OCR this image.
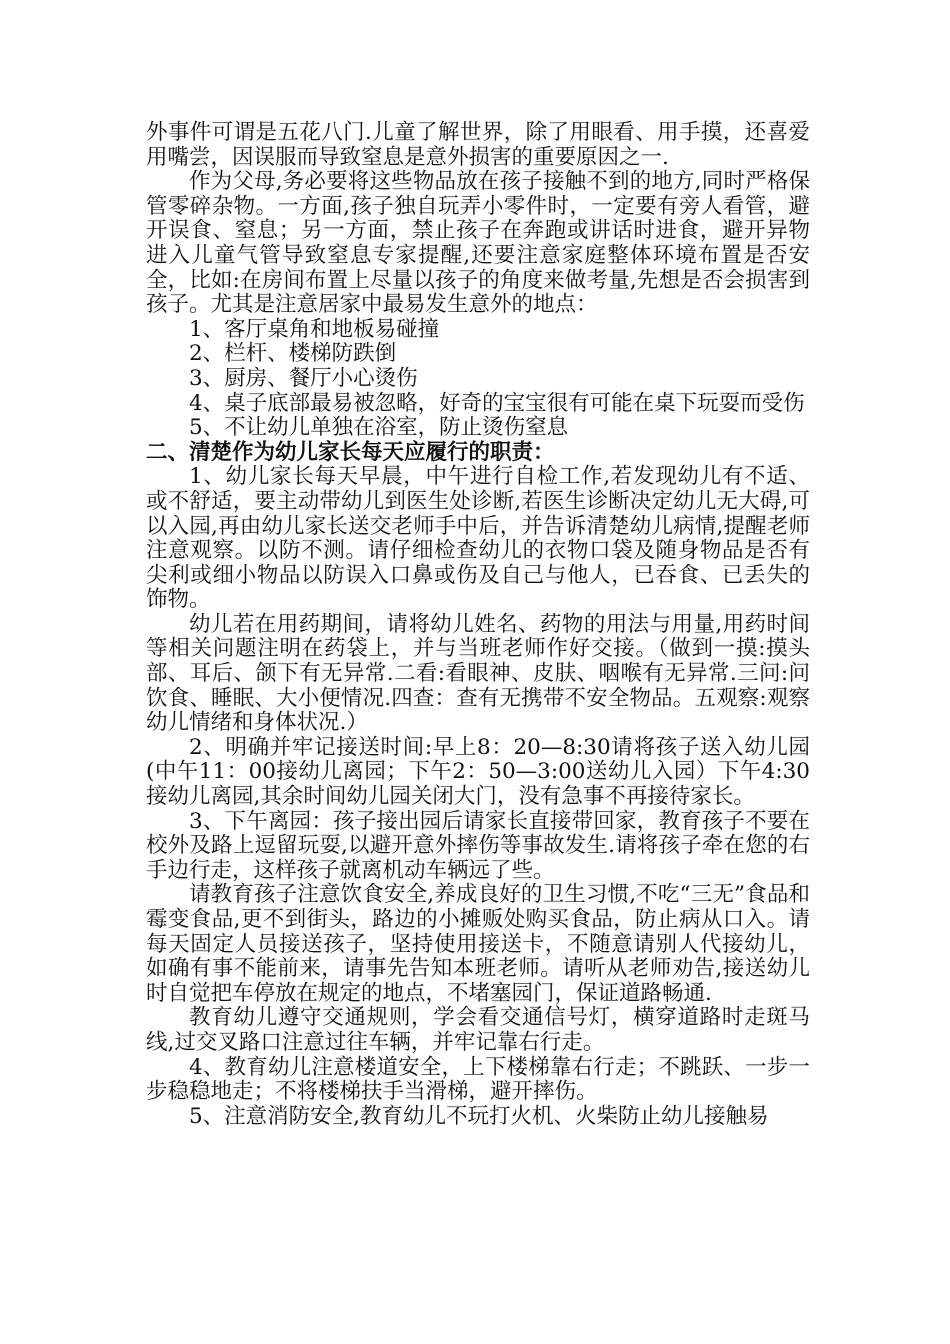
外事件可谓是五花八门.儿童了解世界，除了用眼看、用手摸，还喜爱用嘴尝，因误服而导致窒息是意外损害的重要原因之一.

作为父母,务必要将这些物品放在孩子接触不到的地方,同时严格保管零碎杂物。一方面,孩子独自玩弄小零件时，一定要有旁人看管，避开误食、窒息；另一方面，禁止孩子在奔跑或讲话时进食，避开异物进入儿童气管导致窒息专家提醒,还要注意家庭整体环境布置是否安全，比如:在房间布置上尽量以孩子的角度来做考量,先想是否会损害到孩子。尤其是注意居家中最易发生意外的地点：

1、客厅桌角和地板易碰撞

2、栏杆、楼梯防跌倒

3、厨房、餐厅小心烫伤

4、桌子底部最易被忽略，好奇的宝宝很有可能在桌下玩耍而受伤

5、不让幼儿单独在浴室，防止烫伤窒息

二、清楚作为幼儿家长每天应履行的职责：

1、幼儿家长每天早晨，中午进行自检工作,若发现幼儿有不适、或不舒适，要主动带幼儿到医生处诊断,若医生诊断决定幼儿无大碍,可以入园,再由幼儿家长送交老师手中后，并告诉清楚幼儿病情,提醒老师注意观察。以防不测。请仔细检查幼儿的衣物口袋及随身物品是否有尖利或细小物品以防误入口鼻或伤及自己与他人，已吞食、已丢失的饰物。

幼儿若在用药期间，请将幼儿姓名、药物的用法与用量,用药时间等相关问题注明在药袋上，并与当班老师作好交接。（做到一摸:摸头部、耳后、颌下有无异常.二看:看眼神、皮肤、咽喉有无异常.三问:问饮食、睡眠、大小便情况.四查：查有无携带不安全物品。五观察:观察幼儿情绪和身体状况.）

2、明确并牢记接送时间:早上8：20—8:30请将孩子送入幼儿园(中午11：00接幼儿离园；下午2：50—3:00送幼儿入园）下午4:30接幼儿离园,其余时间幼儿园关闭大门，没有急事不再接待家长。

3、下午离园：孩子接出园后请家长直接带回家，教育孩子不要在校外及路上逗留玩耍,以避开意外摔伤等事故发生.请将孩子牵在您的右手边行走，这样孩子就离机动车辆远了些。

请教育孩子注意饮食安全,养成良好的卫生习惯,不吃“三无”食品和霉变食品,更不到街头，路边的小摊贩处购买食品，防止病从口入。请每天固定人员接送孩子，坚持使用接送卡，不随意请别人代接幼儿，如确有事不能前来，请事先告知本班老师。请听从老师劝告,接送幼儿时自觉把车停放在规定的地点，不堵塞园门，保证道路畅通.

教育幼儿遵守交通规则，学会看交通信号灯，横穿道路时走斑马线,过交叉路口注意过往车辆，并牢记靠右行走。

4、教育幼儿注意楼道安全，上下楼梯靠右行走；不跳跃、一步一步稳稳地走；不将楼梯扶手当滑梯，避开摔伤。

5、注意消防安全,教育幼儿不玩打火机、火柴防止幼儿接触易
